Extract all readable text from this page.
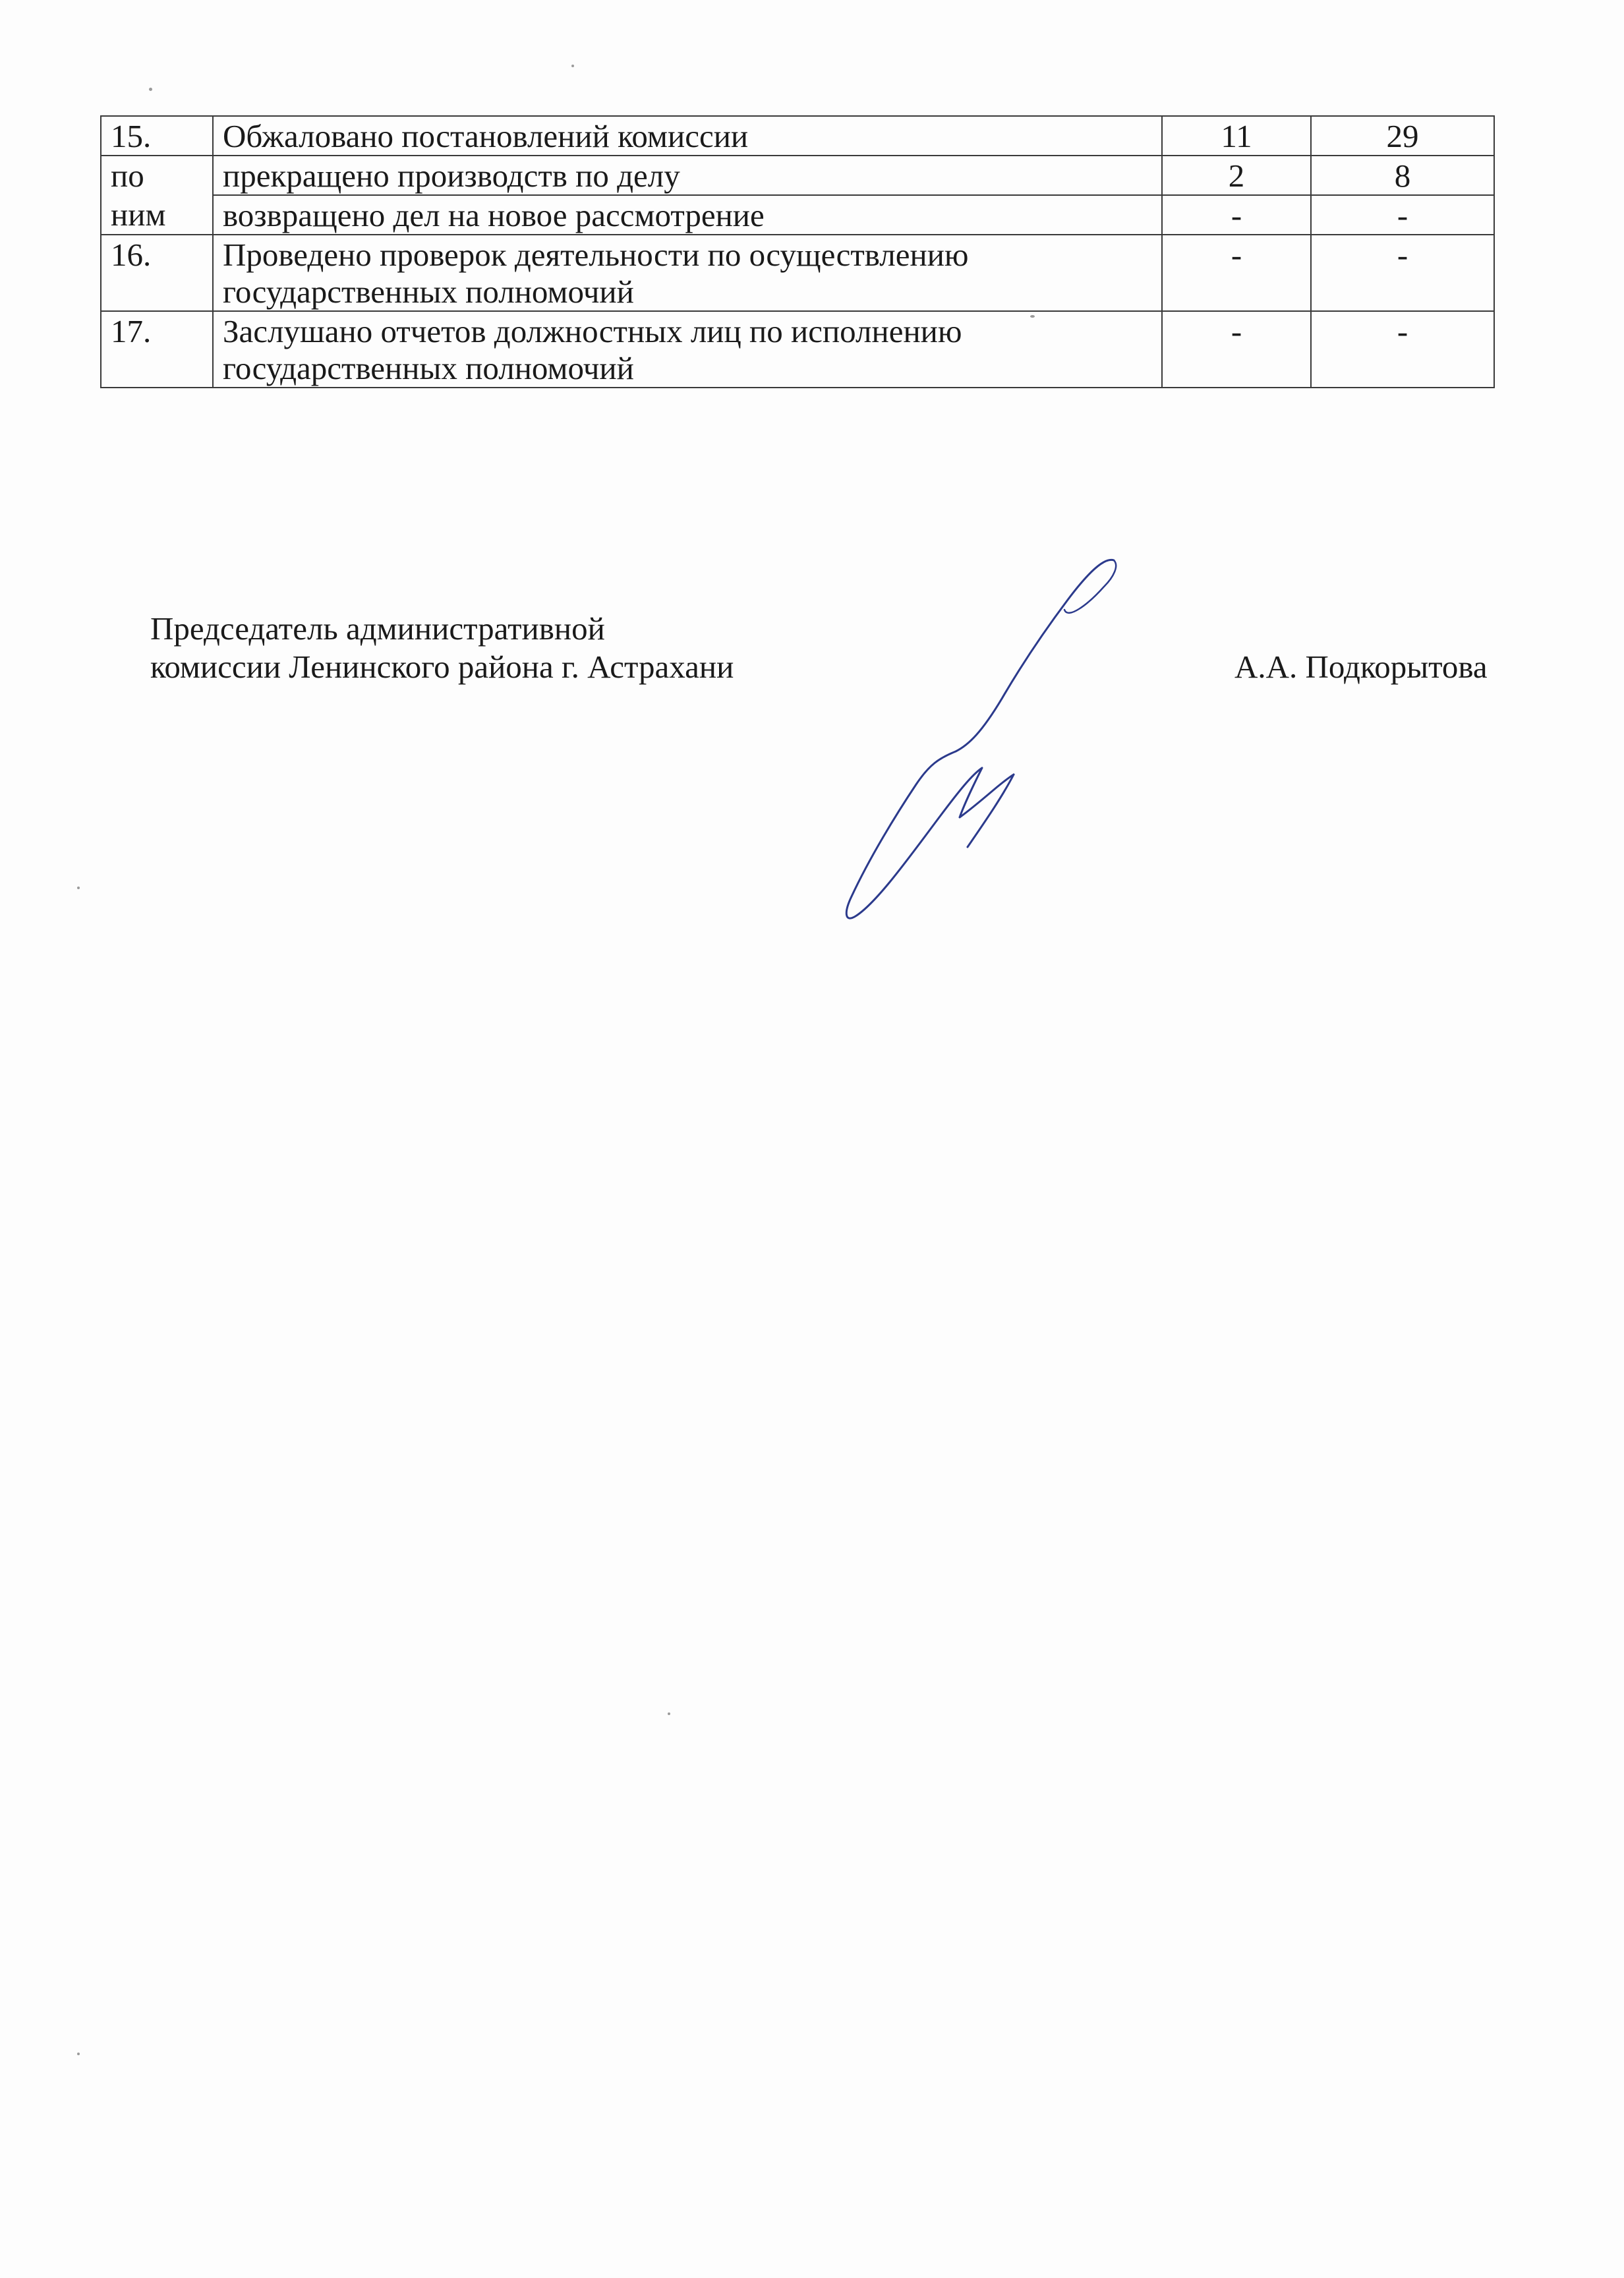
15.	Обжаловано постановлений комиссии	11	29
по	прекращено производств по делу	2	8
ним	возвращено дел на новое рассмотрение	-	-
16.	Проведено проверок деятельности по осуществлению
государственных полномочий	-	-
17.	Заслушано отчетов должностных лиц по исполнению
государственных полномочий	-	-
Председатель административной
комиссии Ленинского района г. Астрахани	А.А. Подкорытова
